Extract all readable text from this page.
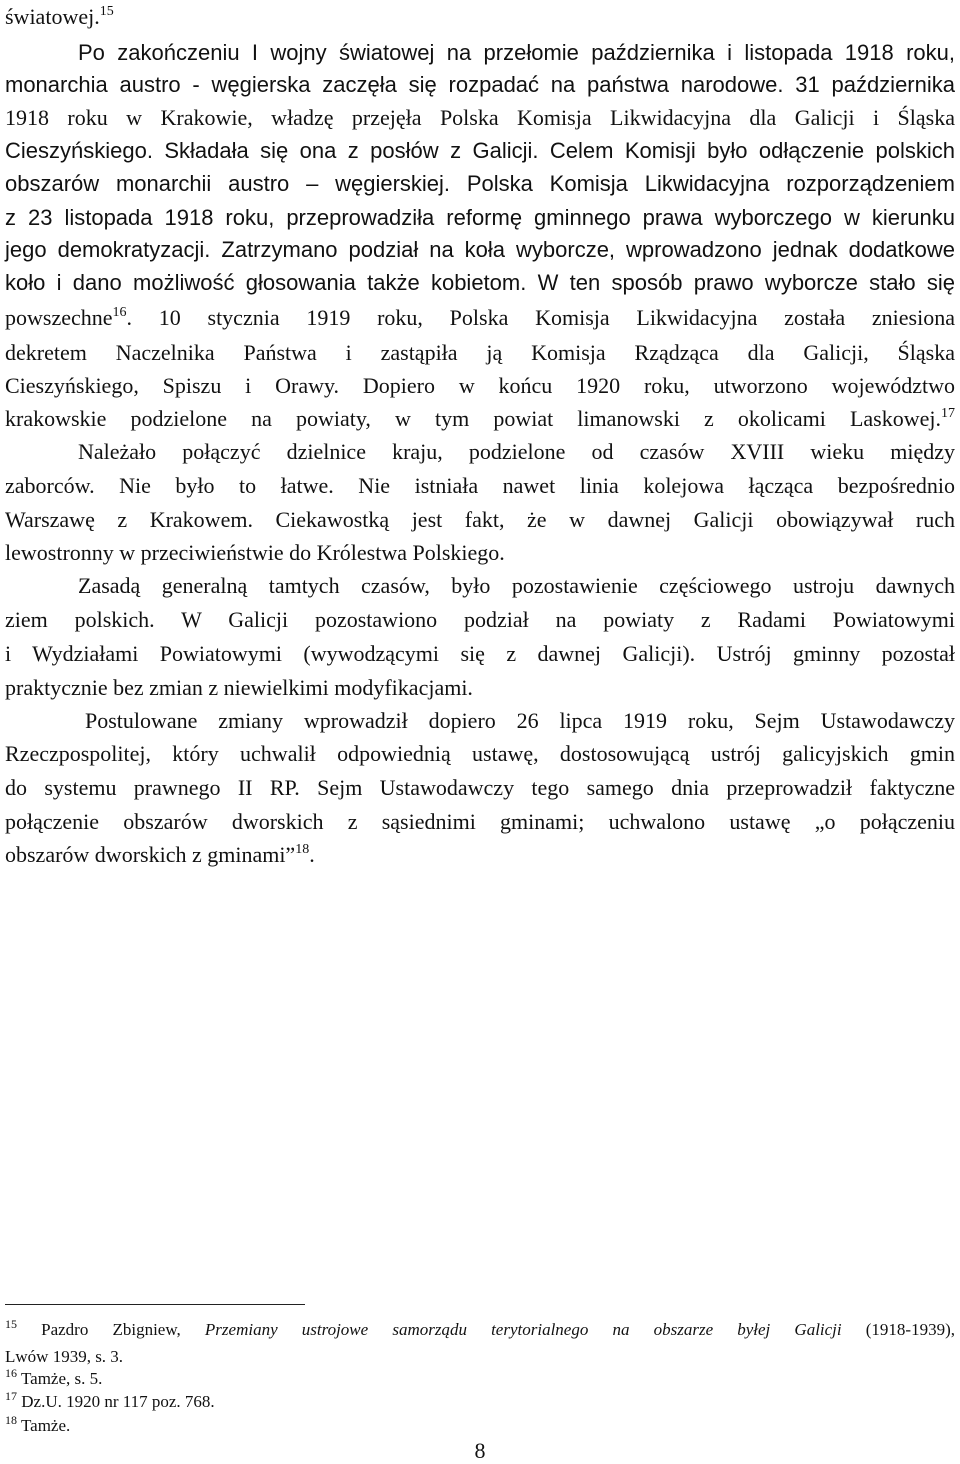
światowej.$^{15}$
Po zakończeniu I wojny światowej na przełomie października i listopada 1918 roku,
monarchia austro - węgierska zaczęła się rozpadać na państwa narodowe. 31 października
1918 roku w Krakowie, władzę przejęła Polska Komisja Likwidacyjna dla Galicji i Śląska
Cieszyńskiego. Składała się ona z posłów z Galicji. Celem Komisji było odłączenie polskich
obszarów monarchii austro – węgierskiej. Polska Komisja Likwidacyjna rozporządzeniem
z 23 listopada 1918 roku, przeprowadziła reformę gminnego prawa wyborczego w kierunku
jego demokratyzacji. Zatrzymano podział na koła wyborcze, wprowadzono jednak dodatkowe
koło i dano możliwość głosowania także kobietom. W ten sposób prawo wyborcze stało się
powszechne$^{16}$. 10 stycznia 1919 roku, Polska Komisja Likwidacyjna została zniesiona
dekretem Naczelnika Państwa i zastąpiła ją Komisja Rządząca dla Galicji, Śląska
Cieszyńskiego, Spiszu i Orawy. Dopiero w końcu 1920 roku, utworzono województwo
krakowskie podzielone na powiaty, w tym powiat limanowski z okolicami Laskowej.$^{17}$
Należało połączyć dzielnice kraju, podzielone od czasów XVIII wieku między
zaborców. Nie było to łatwe. Nie istniała nawet linia kolejowa łącząca bezpośrednio
Warszawę z Krakowem. Ciekawostką jest fakt, że w dawnej Galicji obowiązywał ruch
lewostronny w przeciwieństwie do Królestwa Polskiego.
Zasadą generalną tamtych czasów, było pozostawienie częściowego ustroju dawnych
ziem polskich. W Galicji pozostawiono podział na powiaty z Radami Powiatowymi
i Wydziałami Powiatowymi (wywodzącymi się z dawnej Galicji). Ustrój gminny pozostał
praktycznie bez zmian z niewielkimi modyfikacjami.
Postulowane zmiany wprowadził dopiero 26 lipca 1919 roku, Sejm Ustawodawczy
Rzeczpospolitej, który uchwalił odpowiednią ustawę, dostosowującą ustrój galicyjskich gmin
do systemu prawnego II RP. Sejm Ustawodawczy tego samego dnia przeprowadził faktyczne
połączenie obszarów dworskich z sąsiednimi gminami; uchwalono ustawę „o połączeniu
obszarów dworskich z gminami”$^{18}$.
$^{15}$ Pazdro Zbigniew, Przemiany ustrojowe samorządu terytorialnego na obszarze byłej Galicji (1918-1939),
Lwów 1939, s. 3.
$^{16}$ Tamże, s. 5.
$^{17}$ Dz.U. 1920 nr 117 poz. 768.
$^{18}$ Tamże.
8
